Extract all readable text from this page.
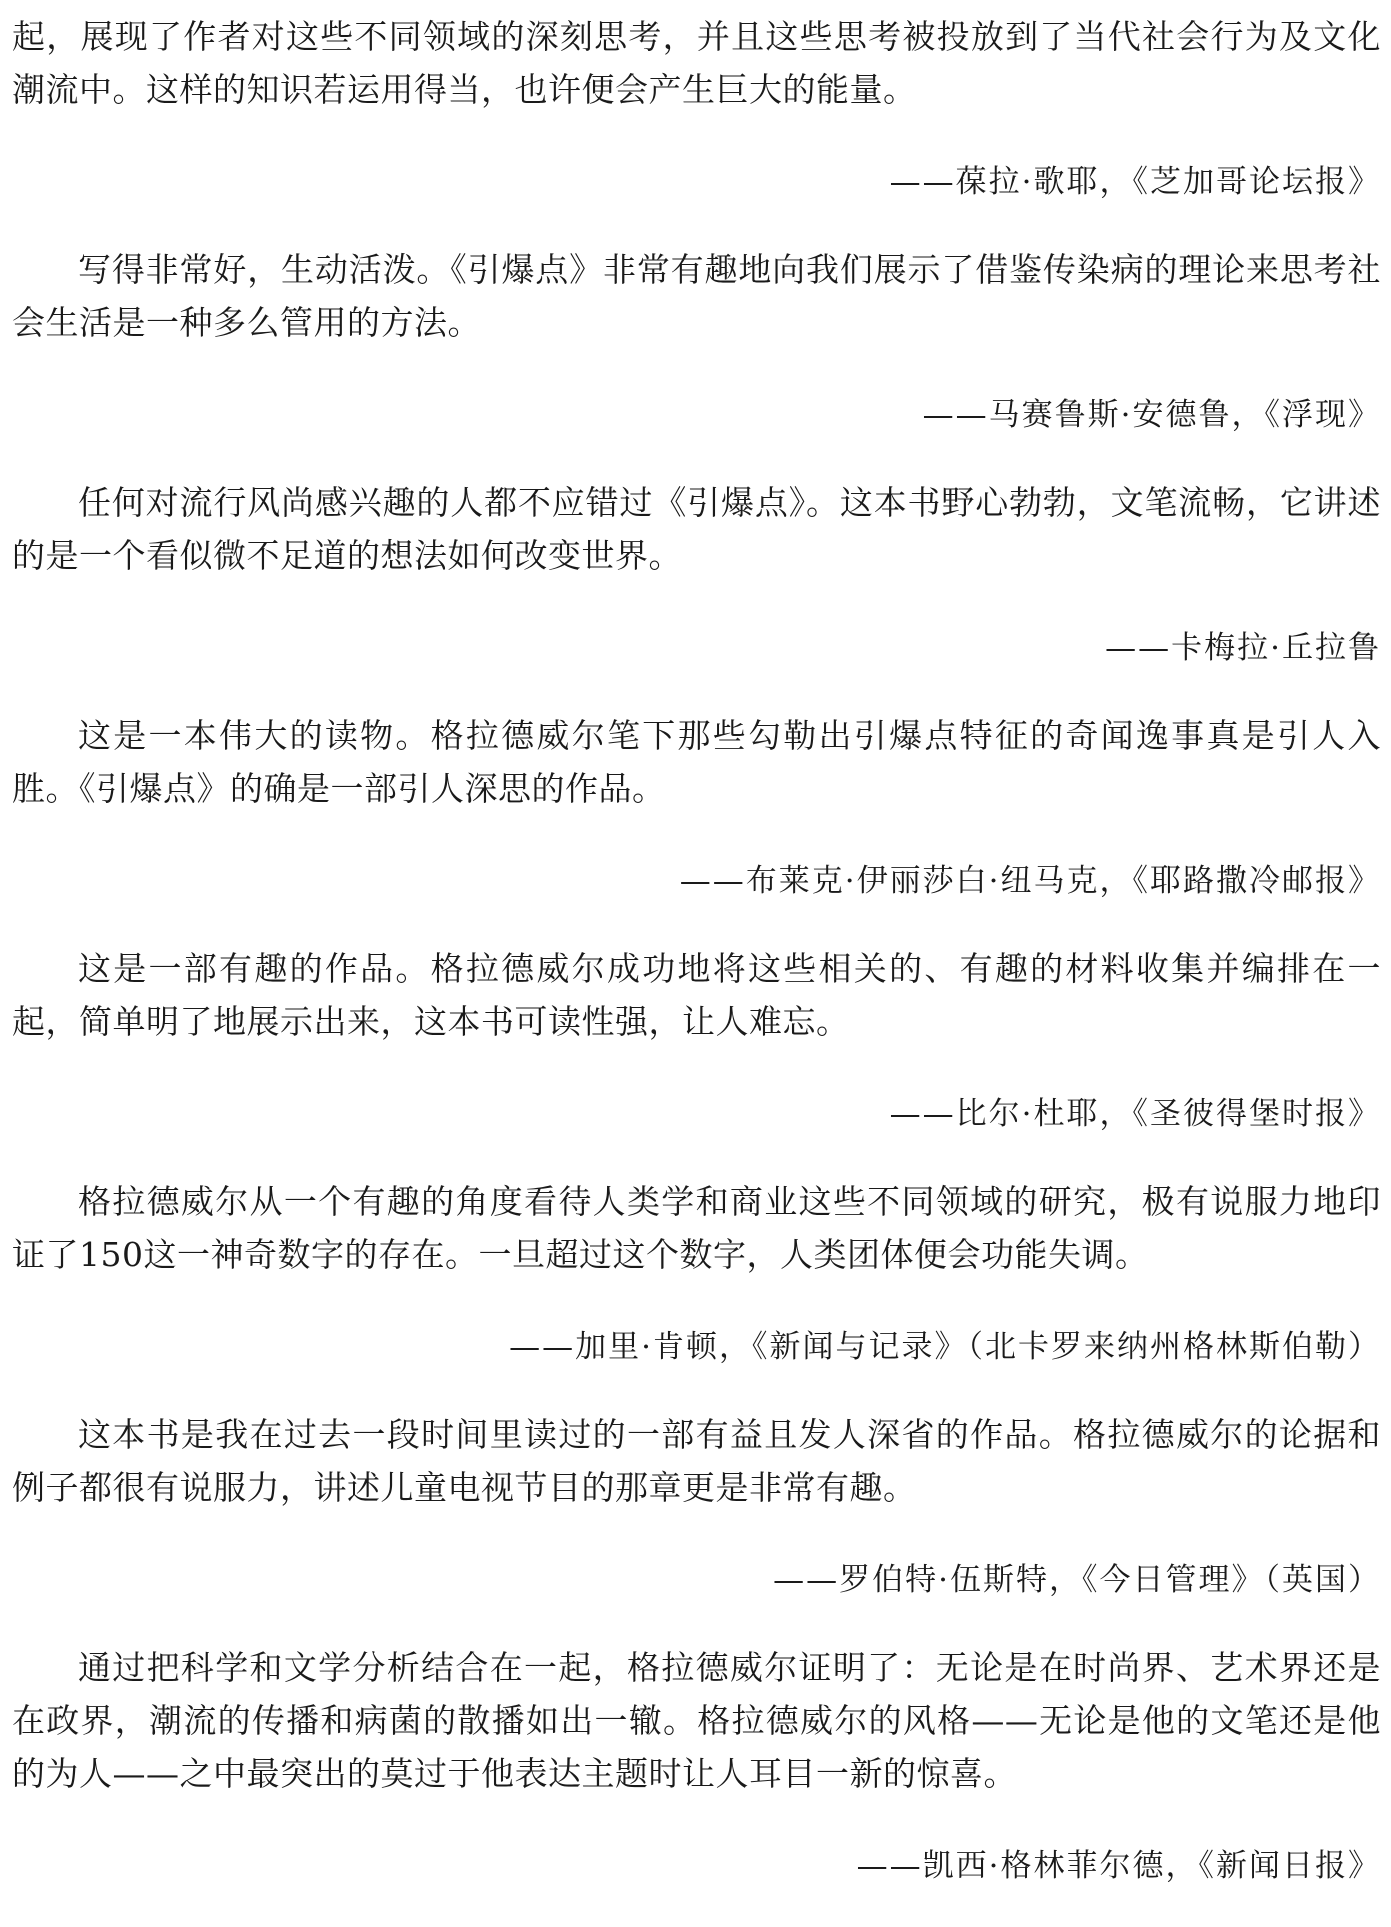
起，展现了作者对这些不同领域的深刻思考，并且这些思考被投放到了当代社会行为及文化潮流中。这样的知识若运用得当，也许便会产生巨大的能量。

——葆拉·歌耶，《芝加哥论坛报》

写得非常好，生动活泼。《引爆点》非常有趣地向我们展示了借鉴传染病的理论来思考社会生活是一种多么管用的方法。

——马赛鲁斯·安德鲁，《浮现》

任何对流行风尚感兴趣的人都不应错过《引爆点》。这本书野心勃勃，文笔流畅，它讲述的是一个看似微不足道的想法如何改变世界。

——卡梅拉·丘拉鲁

这是一本伟大的读物。格拉德威尔笔下那些勾勒出引爆点特征的奇闻逸事真是引人入胜。《引爆点》的确是一部引人深思的作品。

——布莱克·伊丽莎白·纽马克，《耶路撒冷邮报》

这是一部有趣的作品。格拉德威尔成功地将这些相关的、有趣的材料收集并编排在一起，简单明了地展示出来，这本书可读性强，让人难忘。

——比尔·杜耶，《圣彼得堡时报》

格拉德威尔从一个有趣的角度看待人类学和商业这些不同领域的研究，极有说服力地印证了150这一神奇数字的存在。一旦超过这个数字，人类团体便会功能失调。

——加里·肯顿，《新闻与记录》（北卡罗来纳州格林斯伯勒）

这本书是我在过去一段时间里读过的一部有益且发人深省的作品。格拉德威尔的论据和例子都很有说服力，讲述儿童电视节目的那章更是非常有趣。

——罗伯特·伍斯特，《今日管理》（英国）

通过把科学和文学分析结合在一起，格拉德威尔证明了：无论是在时尚界、艺术界还是在政界，潮流的传播和病菌的散播如出一辙。格拉德威尔的风格——无论是他的文笔还是他的为人——之中最突出的莫过于他表达主题时让人耳目一新的惊喜。

——凯西·格林菲尔德，《新闻日报》
